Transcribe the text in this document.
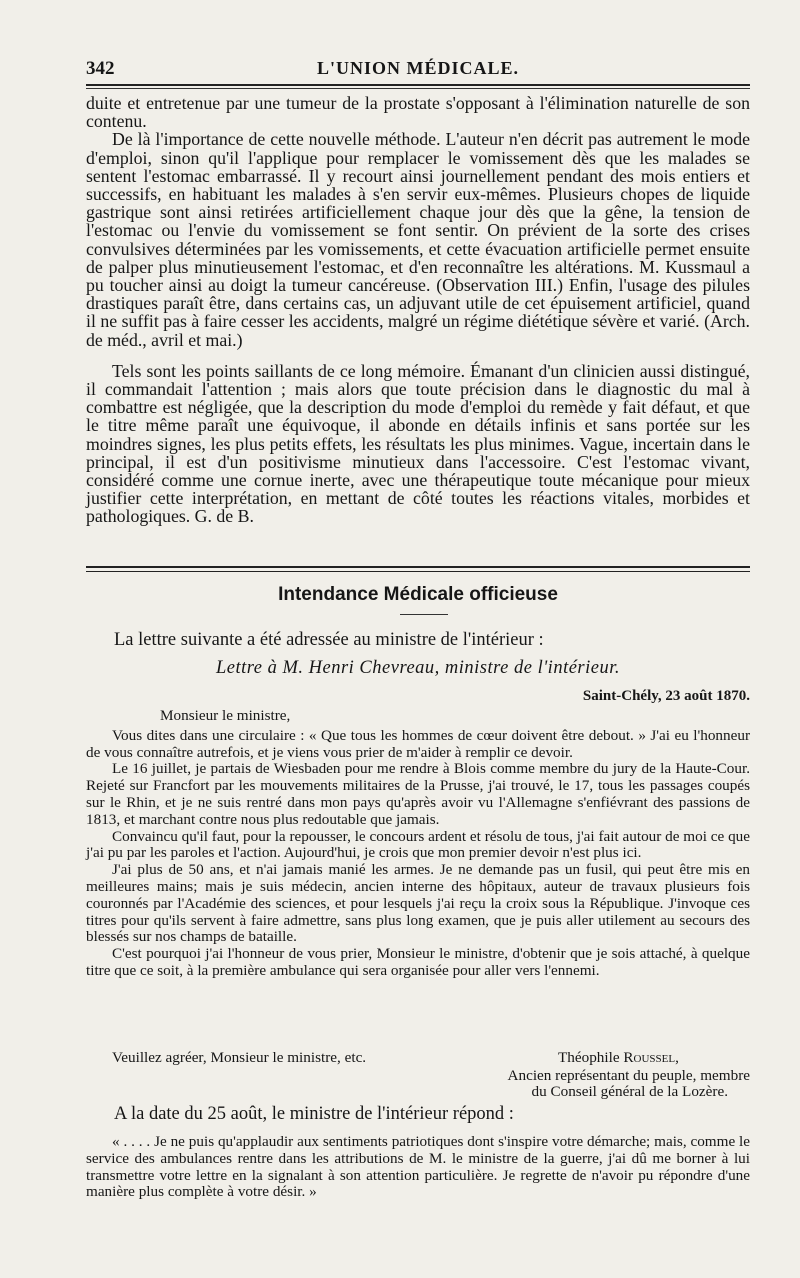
342	L'UNION MÉDICALE.

duite et entretenue par une tumeur de la prostate s'opposant à l'élimination naturelle de son contenu.

De là l'importance de cette nouvelle méthode. L'auteur n'en décrit pas autrement le mode d'emploi, sinon qu'il l'applique pour remplacer le vomissement dès que les malades se sentent l'estomac embarrassé. Il y recourt ainsi journellement pendant des mois entiers et successifs, en habituant les malades à s'en servir eux-mêmes. Plusieurs chopes de liquide gastrique sont ainsi retirées artificiellement chaque jour dès que la gêne, la tension de l'estomac ou l'envie du vomissement se font sentir. On prévient de la sorte des crises convulsives déterminées par les vomissements, et cette évacuation artificielle permet ensuite de palper plus minutieusement l'estomac, et d'en reconnaître les altérations. M. Kussmaul a pu toucher ainsi au doigt la tumeur cancéreuse. (Observation III.) Enfin, l'usage des pilules drastiques paraît être, dans certains cas, un adjuvant utile de cet épuisement artificiel, quand il ne suffit pas à faire cesser les accidents, malgré un régime diététique sévère et varié. (Arch. de méd., avril et mai.)

Tels sont les points saillants de ce long mémoire. Émanant d'un clinicien aussi distingué, il commandait l'attention ; mais alors que toute précision dans le diagnostic du mal à combattre est négligée, que la description du mode d'emploi du remède y fait défaut, et que le titre même paraît une équivoque, il abonde en détails infinis et sans portée sur les moindres signes, les plus petits effets, les résultats les plus minimes. Vague, incertain dans le principal, il est d'un positivisme minutieux dans l'accessoire. C'est l'estomac vivant, considéré comme une cornue inerte, avec une thérapeutique toute mécanique pour mieux justifier cette interprétation, en mettant de côté toutes les réactions vitales, morbides et pathologiques. G. de B.

Intendance Médicale officieuse
La lettre suivante a été adressée au ministre de l'intérieur :
Lettre à M. Henri Chevreau, ministre de l'intérieur.
Saint-Chély, 23 août 1870.

Monsieur le ministre,

Vous dites dans une circulaire : « Que tous les hommes de cœur doivent être debout. » J'ai eu l'honneur de vous connaître autrefois, et je viens vous prier de m'aider à remplir ce devoir.

Le 16 juillet, je partais de Wiesbaden pour me rendre à Blois comme membre du jury de la Haute-Cour. Rejeté sur Francfort par les mouvements militaires de la Prusse, j'ai trouvé, le 17, tous les passages coupés sur le Rhin, et je ne suis rentré dans mon pays qu'après avoir vu l'Allemagne s'enfiévrant des passions de 1813, et marchant contre nous plus redoutable que jamais.

Convaincu qu'il faut, pour la repousser, le concours ardent et résolu de tous, j'ai fait autour de moi ce que j'ai pu par les paroles et l'action. Aujourd'hui, je crois que mon premier devoir n'est plus ici.

J'ai plus de 50 ans, et n'ai jamais manié les armes. Je ne demande pas un fusil, qui peut être mis en meilleures mains; mais je suis médecin, ancien interne des hôpitaux, auteur de travaux plusieurs fois couronnés par l'Académie des sciences, et pour lesquels j'ai reçu la croix sous la République. J'invoque ces titres pour qu'ils servent à faire admettre, sans plus long examen, que je puis aller utilement au secours des blessés sur nos champs de bataille.

C'est pourquoi j'ai l'honneur de vous prier, Monsieur le ministre, d'obtenir que je sois attaché, à quelque titre que ce soit, à la première ambulance qui sera organisée pour aller vers l'ennemi.

Veuillez agréer, Monsieur le ministre, etc.	Théophile Roussel,
Ancien représentant du peuple, membre
du Conseil général de la Lozère.
A la date du 25 août, le ministre de l'intérieur répond :

« . . . . Je ne puis qu'applaudir aux sentiments patriotiques dont s'inspire votre démarche; mais, comme le service des ambulances rentre dans les attributions de M. le ministre de la guerre, j'ai dû me borner à lui transmettre votre lettre en la signalant à son attention particulière. Je regrette de n'avoir pu répondre d'une manière plus complète à votre désir. »
